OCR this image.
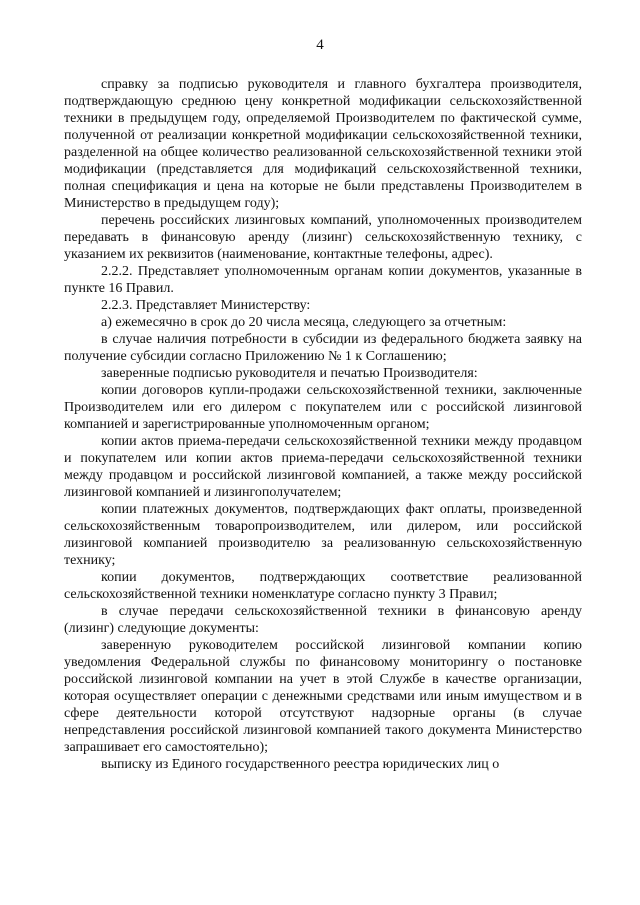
4

справку за подписью руководителя и главного бухгалтера производителя, подтверждающую среднюю цену конкретной модификации сельскохозяйственной техники в предыдущем году, определяемой Производителем по фактической сумме, полученной от реализации конкретной модификации сельскохозяйственной техники, разделенной на общее количество реализованной сельскохозяйственной техники этой модификации (представляется для модификаций сельскохозяйственной техники, полная спецификация и цена на которые не были представлены Производителем в Министерство в предыдущем году);

перечень российских лизинговых компаний, уполномоченных производителем передавать в финансовую аренду (лизинг) сельскохозяйственную технику, с указанием их реквизитов (наименование, контактные телефоны, адрес).

2.2.2. Представляет уполномоченным органам копии документов, указанные в пункте 16 Правил.

2.2.3. Представляет Министерству:

а) ежемесячно в срок до 20 числа месяца, следующего за отчетным:

в случае наличия потребности в субсидии из федерального бюджета заявку на получение субсидии согласно Приложению № 1 к Соглашению;

заверенные подписью руководителя и печатью Производителя:

копии договоров купли-продажи сельскохозяйственной техники, заключенные Производителем или его дилером с покупателем или с российской лизинговой компанией и зарегистрированные уполномоченным органом;

копии актов приема-передачи сельскохозяйственной техники между продавцом и покупателем или копии актов приема-передачи сельскохозяйственной техники между продавцом и российской лизинговой компанией, а также между российской лизинговой компанией и лизингополучателем;

копии платежных документов, подтверждающих факт оплаты, произведенной сельскохозяйственным товаропроизводителем, или дилером, или российской лизинговой компанией производителю за реализованную сельскохозяйственную технику;

копии документов, подтверждающих соответствие реализованной сельскохозяйственной техники номенклатуре согласно пункту 3 Правил;

в случае передачи сельскохозяйственной техники в финансовую аренду (лизинг) следующие документы:

заверенную руководителем российской лизинговой компании копию уведомления Федеральной службы по финансовому мониторингу о постановке российской лизинговой компании на учет в этой Службе в качестве организации, которая осуществляет операции с денежными средствами или иным имуществом и в сфере деятельности которой отсутствуют надзорные органы (в случае непредставления российской лизинговой компанией такого документа Министерство запрашивает его самостоятельно);

выписку из Единого государственного реестра юридических лиц о
